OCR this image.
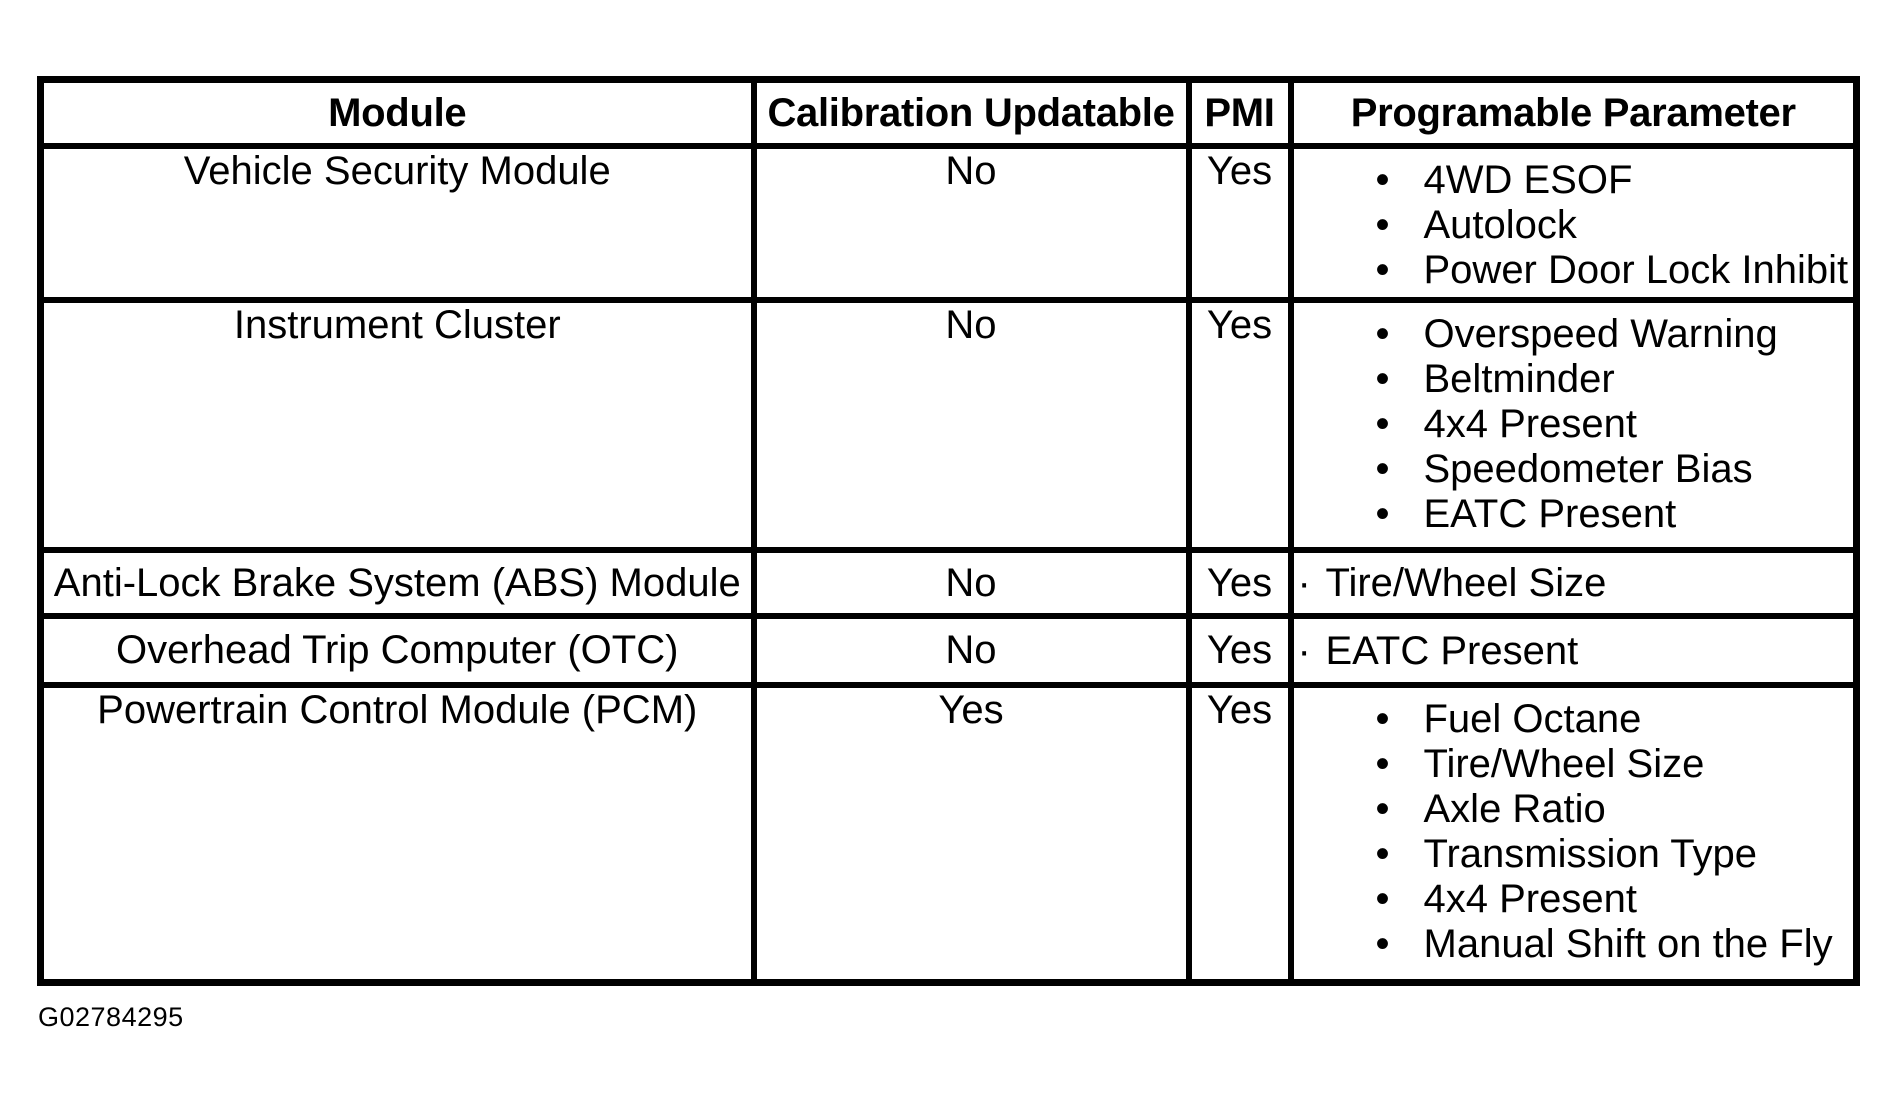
Module	Calibration Updatable	PMI	Programable Parameter
Vehicle Security Module	No	Yes	
•4WD ESOF
• Autolock
• Power Door Lock Inhibit

Instrument Cluster	No	Yes	
•Overspeed Warning
• Beltminder
• 4x4 Present
• Speedometer Bias
• EATC Present

Anti-Lock Brake System (ABS) Module	No	Yes	
·Tire/Wheel Size

Overhead Trip Computer (OTC)	No	Yes	
·EATC Present

Powertrain Control Module (PCM)	Yes	Yes	
•Fuel Octane
• Tire/Wheel Size
• Axle Ratio
• Transmission Type
• 4x4 Present
• Manual Shift on the Fly
G02784295
